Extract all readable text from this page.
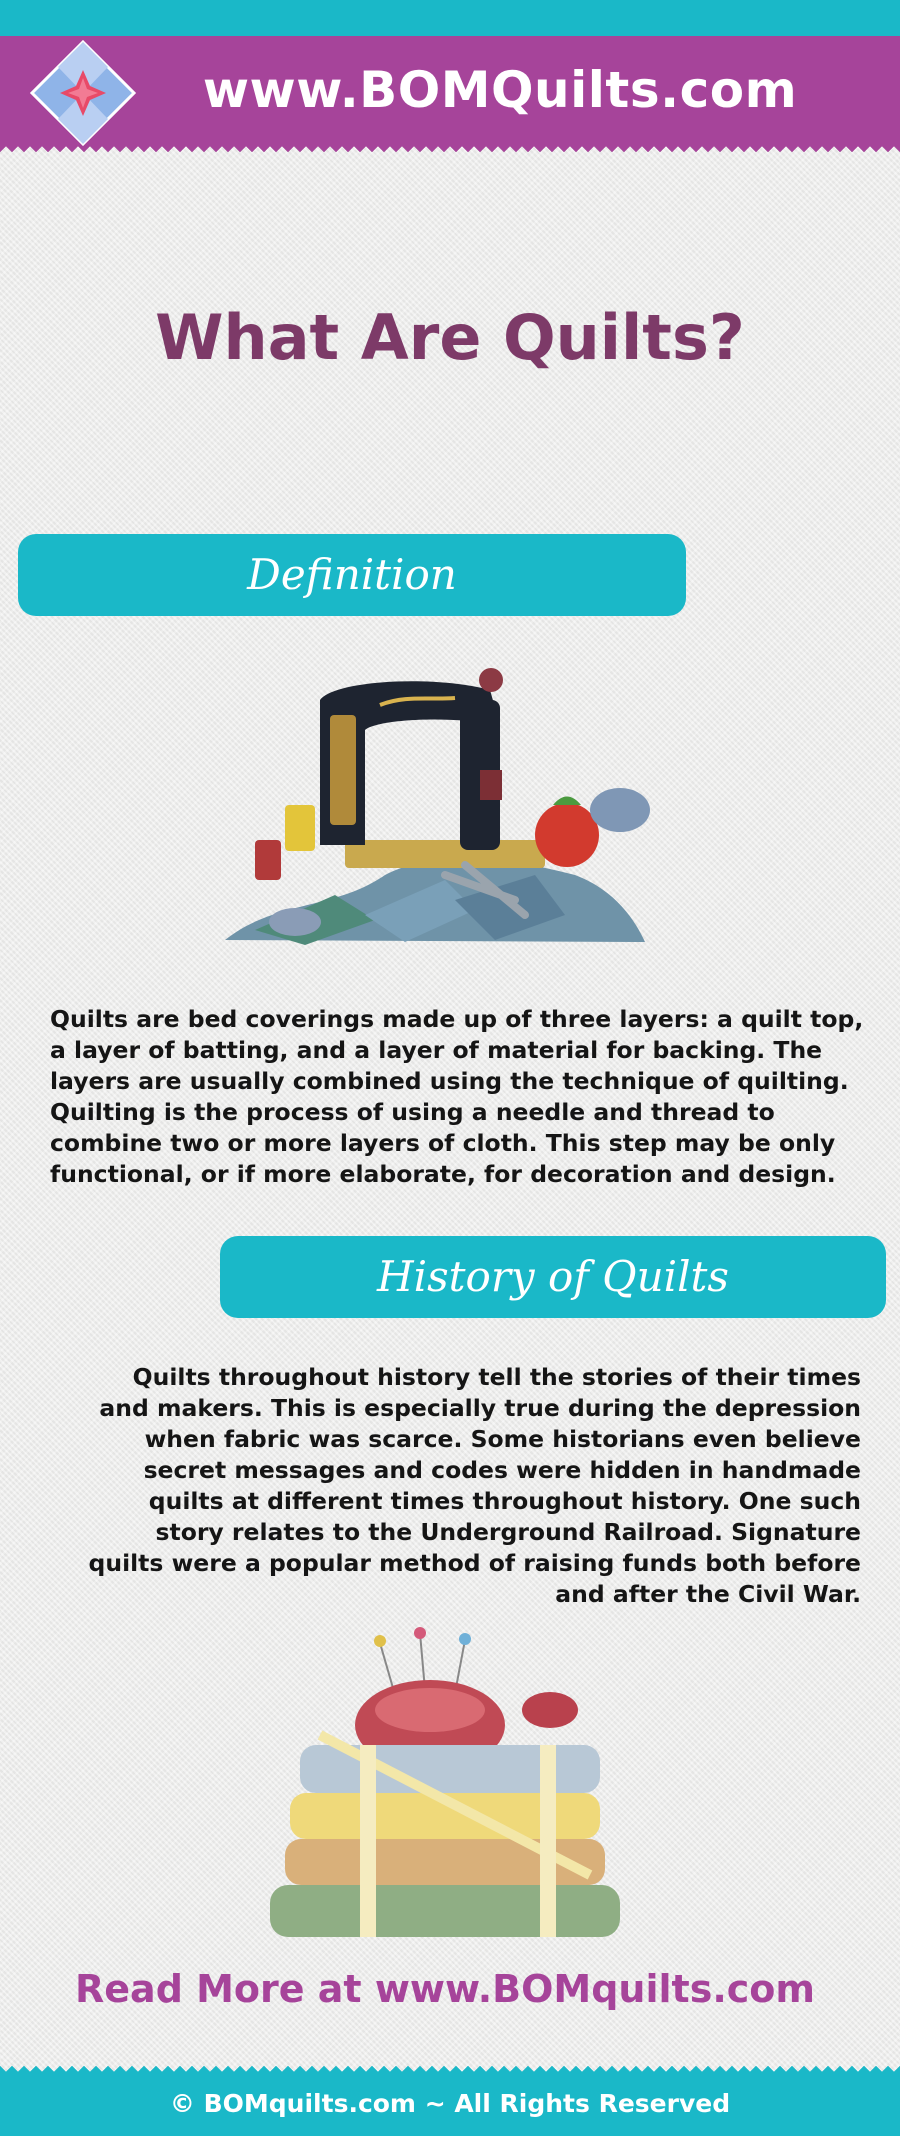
www.BOMQuilts.com
What Are Quilts?
Definition

Quilts are bed coverings made up of three layers: a quilt top, a layer of batting, and a layer of material for backing. The layers are usually combined using the technique of quilting. Quilting is the process of using a needle and thread to combine two or more layers of cloth. This step may be only functional, or if more elaborate, for decoration and design.

History of Quilts

Quilts throughout history tell the stories of their times and makers. This is especially true during the depression when fabric was scarce. Some historians even believe secret messages and codes were hidden in handmade quilts at different times throughout history. One such story relates to the Underground Railroad. Signature quilts were a popular method of raising funds both before and after the Civil War.

Read More at www.BOMquilts.com
© BOMquilts.com ~ All Rights Reserved
